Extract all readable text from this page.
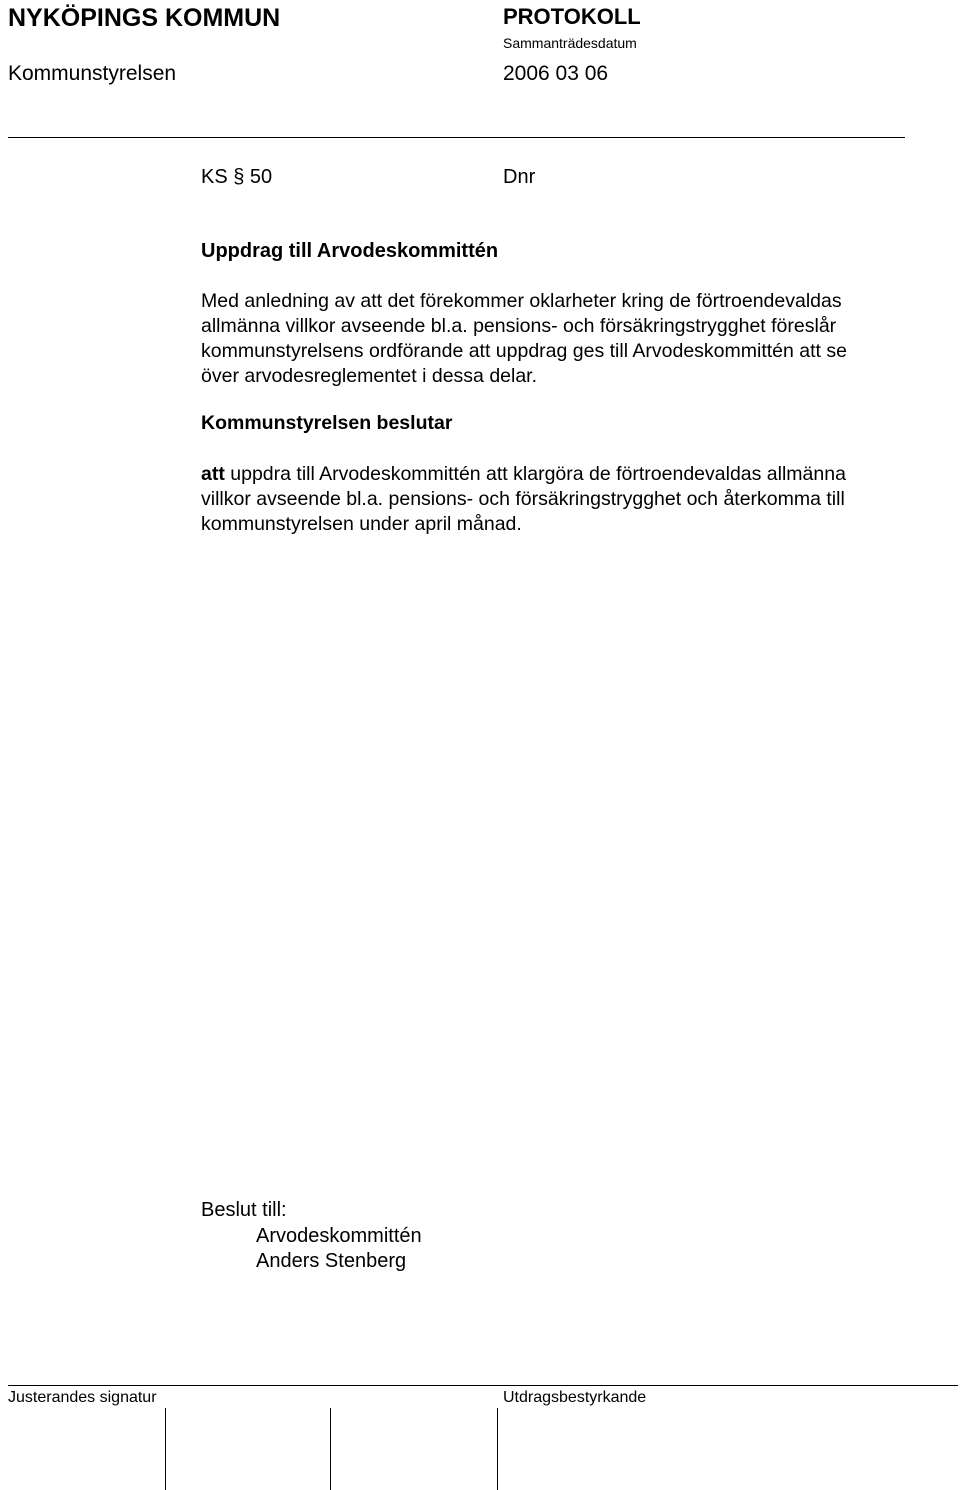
NYKÖPINGS KOMMUN	PROTOKOLL
Sammanträdesdatum
Kommunstyrelsen	2006 03 06
KS § 50	Dnr
Uppdrag till Arvodeskommittén
Med anledning av att det förekommer oklarheter kring de förtroendevaldas
allmänna villkor avseende bl.a. pensions- och försäkringstrygghet föreslår
kommunstyrelsens ordförande att uppdrag ges till Arvodeskommittén att se
över arvodesreglementet i dessa delar.
Kommunstyrelsen beslutar
att uppdra till Arvodeskommittén att klargöra de förtroendevaldas allmänna
villkor avseende bl.a. pensions- och försäkringstrygghet och återkomma till
kommunstyrelsen under april månad.
Beslut till:
Arvodeskommittén
Anders Stenberg
Justerandes signatur	Utdragsbestyrkande
